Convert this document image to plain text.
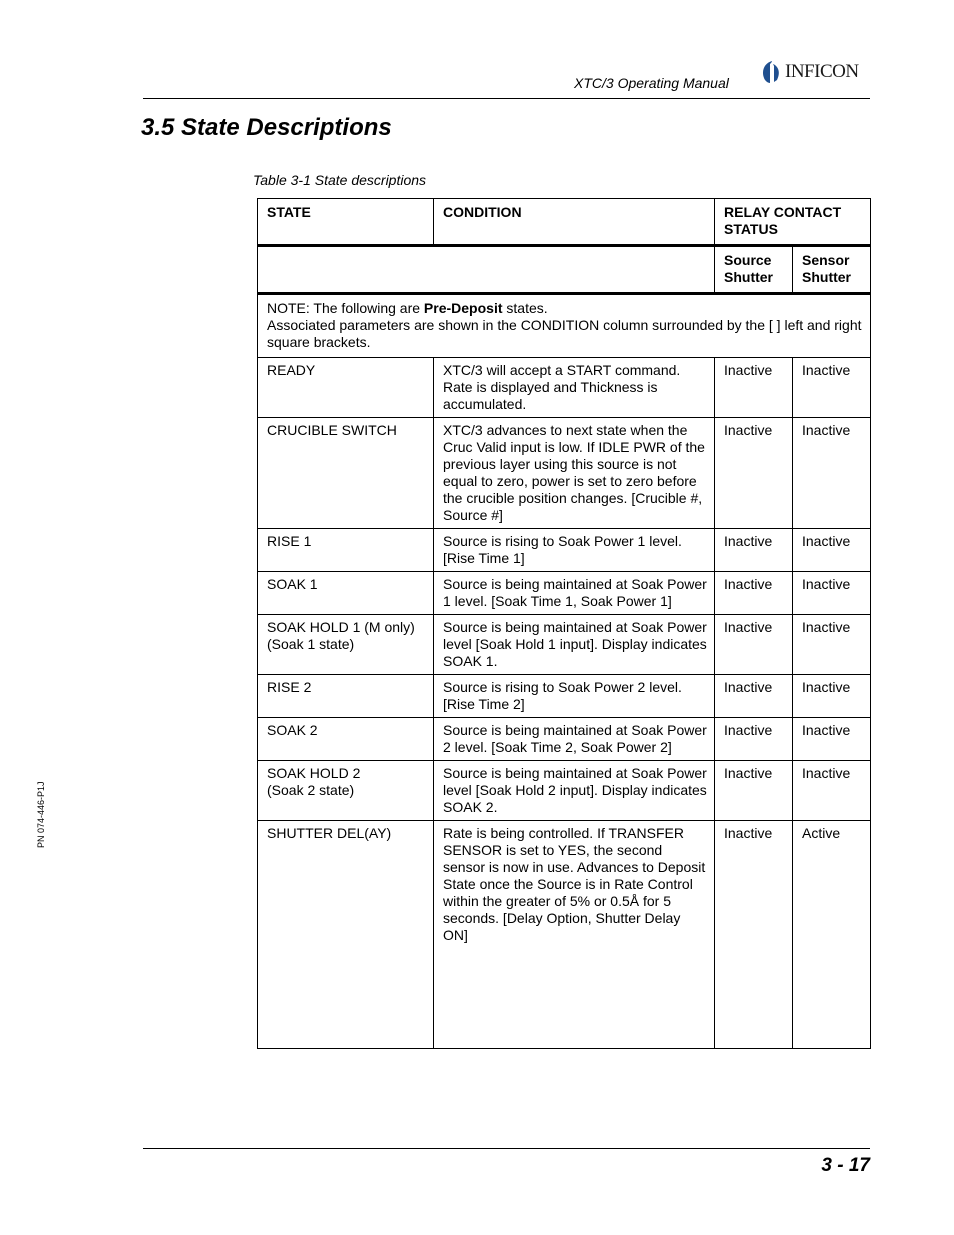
XTC/3 Operating Manual
INFICON
3.5 State Descriptions
Table 3-1 State descriptions
STATE	CONDITION	RELAY CONTACT STATUS	
		Source Shutter	Sensor Shutter

NOTE: The following are Pre-Deposit states.
Associated parameters are shown in the CONDITION column surrounded by the [ ] left and right square brackets.			

READY	XTC/3 will accept a START command. Rate is displayed and Thickness is accumulated.	Inactive	Inactive
CRUCIBLE SWITCH	XTC/3 advances to next state when the Cruc Valid input is low. If IDLE PWR of the previous layer using this source is not equal to zero, power is set to zero before the crucible position changes. [Crucible #, Source #]	Inactive	Inactive
RISE 1	Source is rising to Soak Power 1 level. [Rise Time 1]	Inactive	Inactive
SOAK 1	Source is being maintained at Soak Power 1 level. [Soak Time 1, Soak Power 1]	Inactive	Inactive

SOAK HOLD 1 (M only)
(Soak 1 state)	Source is being maintained at Soak Power level [Soak Hold 1 input]. Display indicates SOAK 1.	Inactive	Inactive
RISE 2	Source is rising to Soak Power 2 level. [Rise Time 2]	Inactive	Inactive
SOAK 2	Source is being maintained at Soak Power 2 level. [Soak Time 2, Soak Power 2]	Inactive	Inactive

SOAK HOLD 2
(Soak 2 state)	Source is being maintained at Soak Power level [Soak Hold 2 input]. Display indicates SOAK 2.	Inactive	Inactive
SHUTTER DEL(AY)	Rate is being controlled. If TRANSFER SENSOR is set to YES, the second sensor is now in use. Advances to Deposit State once the Source is in Rate Control within the greater of 5% or 0.5Å for 5 seconds. [Delay Option, Shutter Delay ON]	Inactive	Active
PN 074-446-P1J
3 - 17
